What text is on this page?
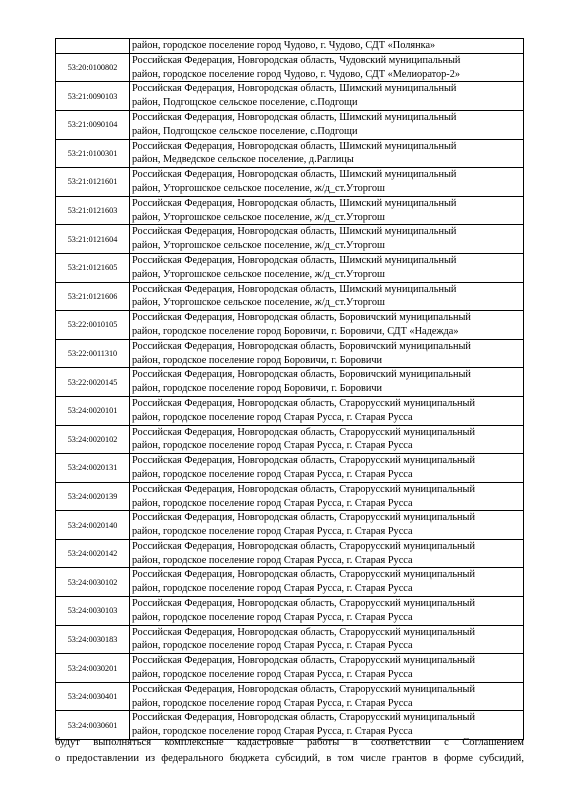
	район, городское поселение город Чудово, г. Чудово, СДТ «Полянка»

53:20:0100802	Российская Федерация, Новгородская область, Чудовский муниципальный
район, городское поселение город Чудово, г. Чудово, СДТ «Мелиоратор-2»

53:21:0090103	Российская Федерация, Новгородская область, Шимский муниципальный
район, Подгощское сельское поселение, с.Подгощи

53:21:0090104	Российская Федерация, Новгородская область, Шимский муниципальный
район, Подгощское сельское поселение, с.Подгощи

53:21:0100301	Российская Федерация, Новгородская область, Шимский муниципальный
район, Медведское сельское поселение, д.Раглицы

53:21:0121601	Российская Федерация, Новгородская область, Шимский муниципальный
район, Уторгошское сельское поселение, ж/д_ст.Уторгош

53:21:0121603	Российская Федерация, Новгородская область, Шимский муниципальный
район, Уторгошское сельское поселение, ж/д_ст.Уторгош

53:21:0121604	Российская Федерация, Новгородская область, Шимский муниципальный
район, Уторгошское сельское поселение, ж/д_ст.Уторгош

53:21:0121605	Российская Федерация, Новгородская область, Шимский муниципальный
район, Уторгошское сельское поселение, ж/д_ст.Уторгош

53:21:0121606	Российская Федерация, Новгородская область, Шимский муниципальный
район, Уторгошское сельское поселение, ж/д_ст.Уторгош

53:22:0010105	Российская Федерация, Новгородская область, Боровичский муниципальный
район, городское поселение город Боровичи, г. Боровичи, СДТ «Надежда»

53:22:0011310	Российская Федерация, Новгородская область, Боровичский муниципальный
район, городское поселение город Боровичи, г. Боровичи

53:22:0020145	Российская Федерация, Новгородская область, Боровичский муниципальный
район, городское поселение город Боровичи, г. Боровичи

53:24:0020101	Российская Федерация, Новгородская область, Старорусский муниципальный
район, городское поселение город Старая Русса, г. Старая Русса

53:24:0020102	Российская Федерация, Новгородская область, Старорусский муниципальный
район, городское поселение город Старая Русса, г. Старая Русса

53:24:0020131	Российская Федерация, Новгородская область, Старорусский муниципальный
район, городское поселение город Старая Русса, г. Старая Русса

53:24:0020139	Российская Федерация, Новгородская область, Старорусский муниципальный
район, городское поселение город Старая Русса, г. Старая Русса

53:24:0020140	Российская Федерация, Новгородская область, Старорусский муниципальный
район, городское поселение город Старая Русса, г. Старая Русса

53:24:0020142	Российская Федерация, Новгородская область, Старорусский муниципальный
район, городское поселение город Старая Русса, г. Старая Русса

53:24:0030102	Российская Федерация, Новгородская область, Старорусский муниципальный
район, городское поселение город Старая Русса, г. Старая Русса

53:24:0030103	Российская Федерация, Новгородская область, Старорусский муниципальный
район, городское поселение город Старая Русса, г. Старая Русса

53:24:0030183	Российская Федерация, Новгородская область, Старорусский муниципальный
район, городское поселение город Старая Русса, г. Старая Русса

53:24:0030201	Российская Федерация, Новгородская область, Старорусский муниципальный
район, городское поселение город Старая Русса, г. Старая Русса

53:24:0030401	Российская Федерация, Новгородская область, Старорусский муниципальный
район, городское поселение город Старая Русса, г. Старая Русса

53:24:0030601	Российская Федерация, Новгородская область, Старорусский муниципальный
район, городское поселение город Старая Русса, г. Старая Русса
будут выполняться комплексные кадастровые работы в соответствии с Соглашением
о предоставлении из федерального бюджета субсидий, в том числе грантов в форме субсидий,
